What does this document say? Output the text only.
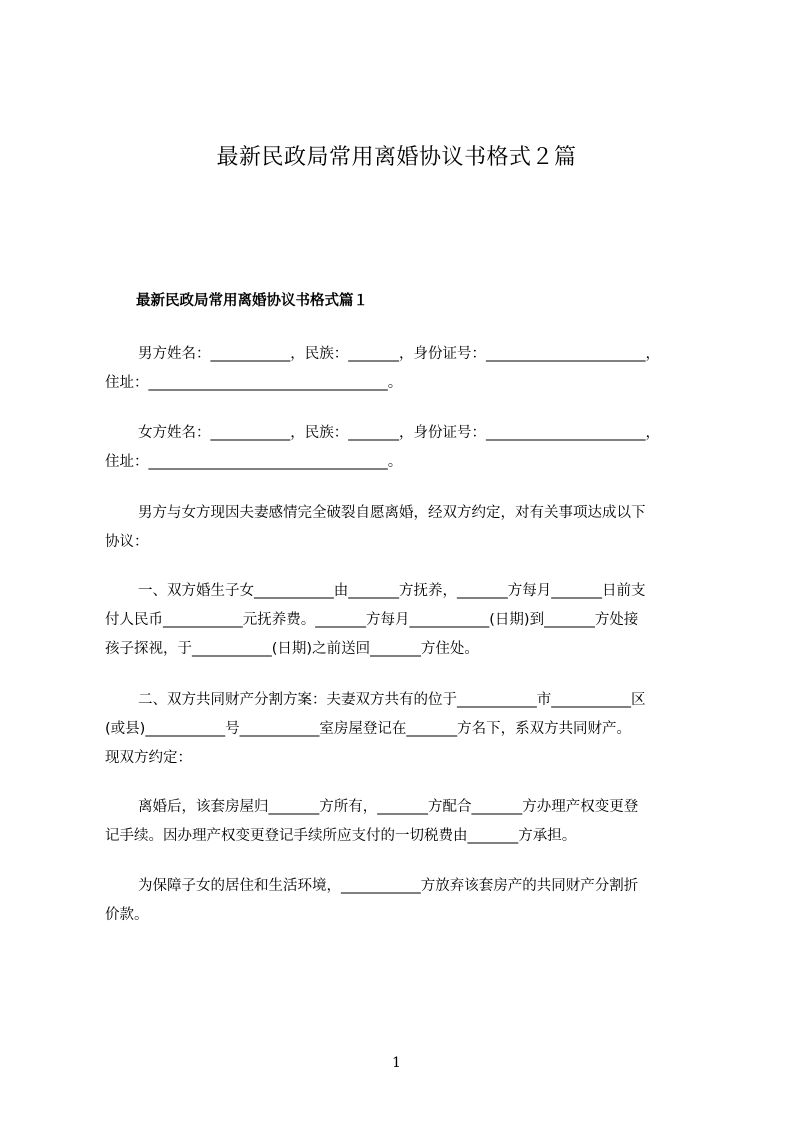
最新民政局常用离婚协议书格式２篇
最新民政局常用离婚协议书格式篇１
男方姓名：___________，民族：_______，身份证号：______________________，
住址：_________________________________。
女方姓名：___________，民族：_______，身份证号：______________________，
住址：_________________________________。
男方与女方现因夫妻感情完全破裂自愿离婚，经双方约定，对有关事项达成以下
协议：
一、双方婚生子女___________由_______方抚养，_______方每月_______日前支
付人民币___________元抚养费。_______方每月___________(日期)到_______方处接
孩子探视，于___________(日期)之前送回_______方住处。
二、双方共同财产分割方案：夫妻双方共有的位于___________市___________区
(或县)___________号___________室房屋登记在_______方名下，系双方共同财产。
现双方约定：
离婚后，该套房屋归_______方所有，_______方配合_______方办理产权变更登
记手续。因办理产权变更登记手续所应支付的一切税费由_______方承担。
为保障子女的居住和生活环境，___________方放弃该套房产的共同财产分割折
价款。
1
